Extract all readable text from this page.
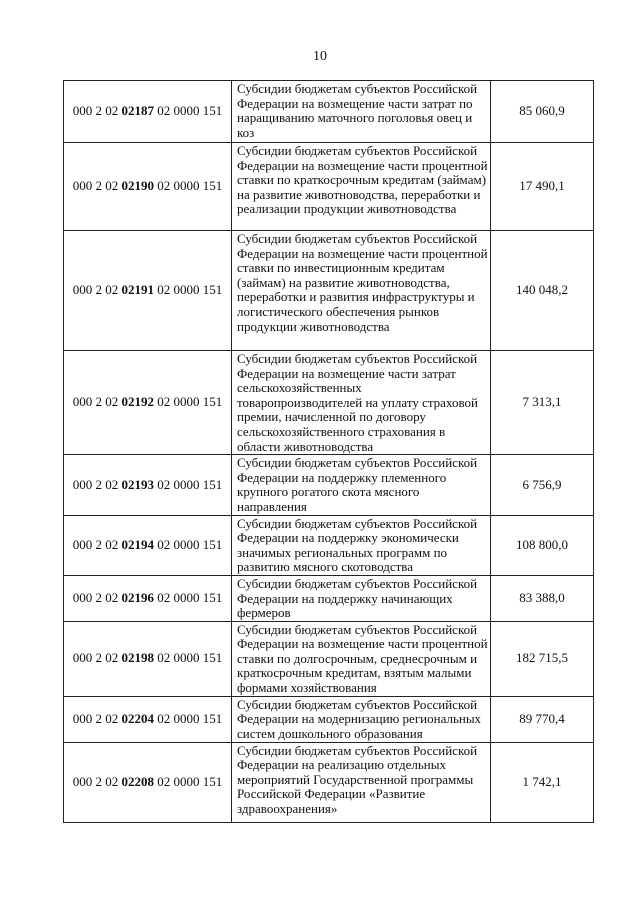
10
000 2 02 02187 02 0000 151	Субсидии бюджетам субъектов Российской Федерации на возмещение части затрат по наращиванию маточного поголовья овец и коз	85 060,9
000 2 02 02190 02 0000 151	Субсидии бюджетам субъектов Российской Федерации на возмещение части процентной ставки по краткосрочным кредитам (займам) на развитие животноводства, переработки и реализации продукции животноводства	17 490,1
000 2 02 02191 02 0000 151	Субсидии бюджетам субъектов Российской Федерации на возмещение части процентной ставки по инвестиционным кредитам (займам) на развитие животноводства, переработки и развития инфраструктуры и логистического обеспечения рынков продукции животноводства	140 048,2
000 2 02 02192 02 0000 151	Субсидии бюджетам субъектов Российской Федерации на возмещение части затрат сельскохозяйственных товаропроизводителей на уплату страховой премии, начисленной по договору сельскохозяйственного страхования в области животноводства	7 313,1
000 2 02 02193 02 0000 151	Субсидии бюджетам субъектов Российской Федерации на поддержку племенного крупного рогатого скота мясного направления	6 756,9
000 2 02 02194 02 0000 151	Субсидии бюджетам субъектов Российской Федерации на поддержку экономически значимых региональных программ по развитию мясного скотоводства	108 800,0
000 2 02 02196 02 0000 151	Субсидии бюджетам субъектов Российской Федерации на поддержку начинающих фермеров	83 388,0
000 2 02 02198 02 0000 151	Субсидии бюджетам субъектов Российской Федерации на возмещение части процентной ставки по долгосрочным, среднесрочным и краткосрочным кредитам, взятым малыми формами хозяйствования	182 715,5
000 2 02 02204 02 0000 151	Субсидии бюджетам субъектов Российской Федерации на модернизацию региональных систем дошкольного образования	89 770,4
000 2 02 02208 02 0000 151	Субсидии бюджетам субъектов Российской Федерации на реализацию отдельных мероприятий Государственной программы Российской Федерации «Развитие здравоохранения»	1 742,1
